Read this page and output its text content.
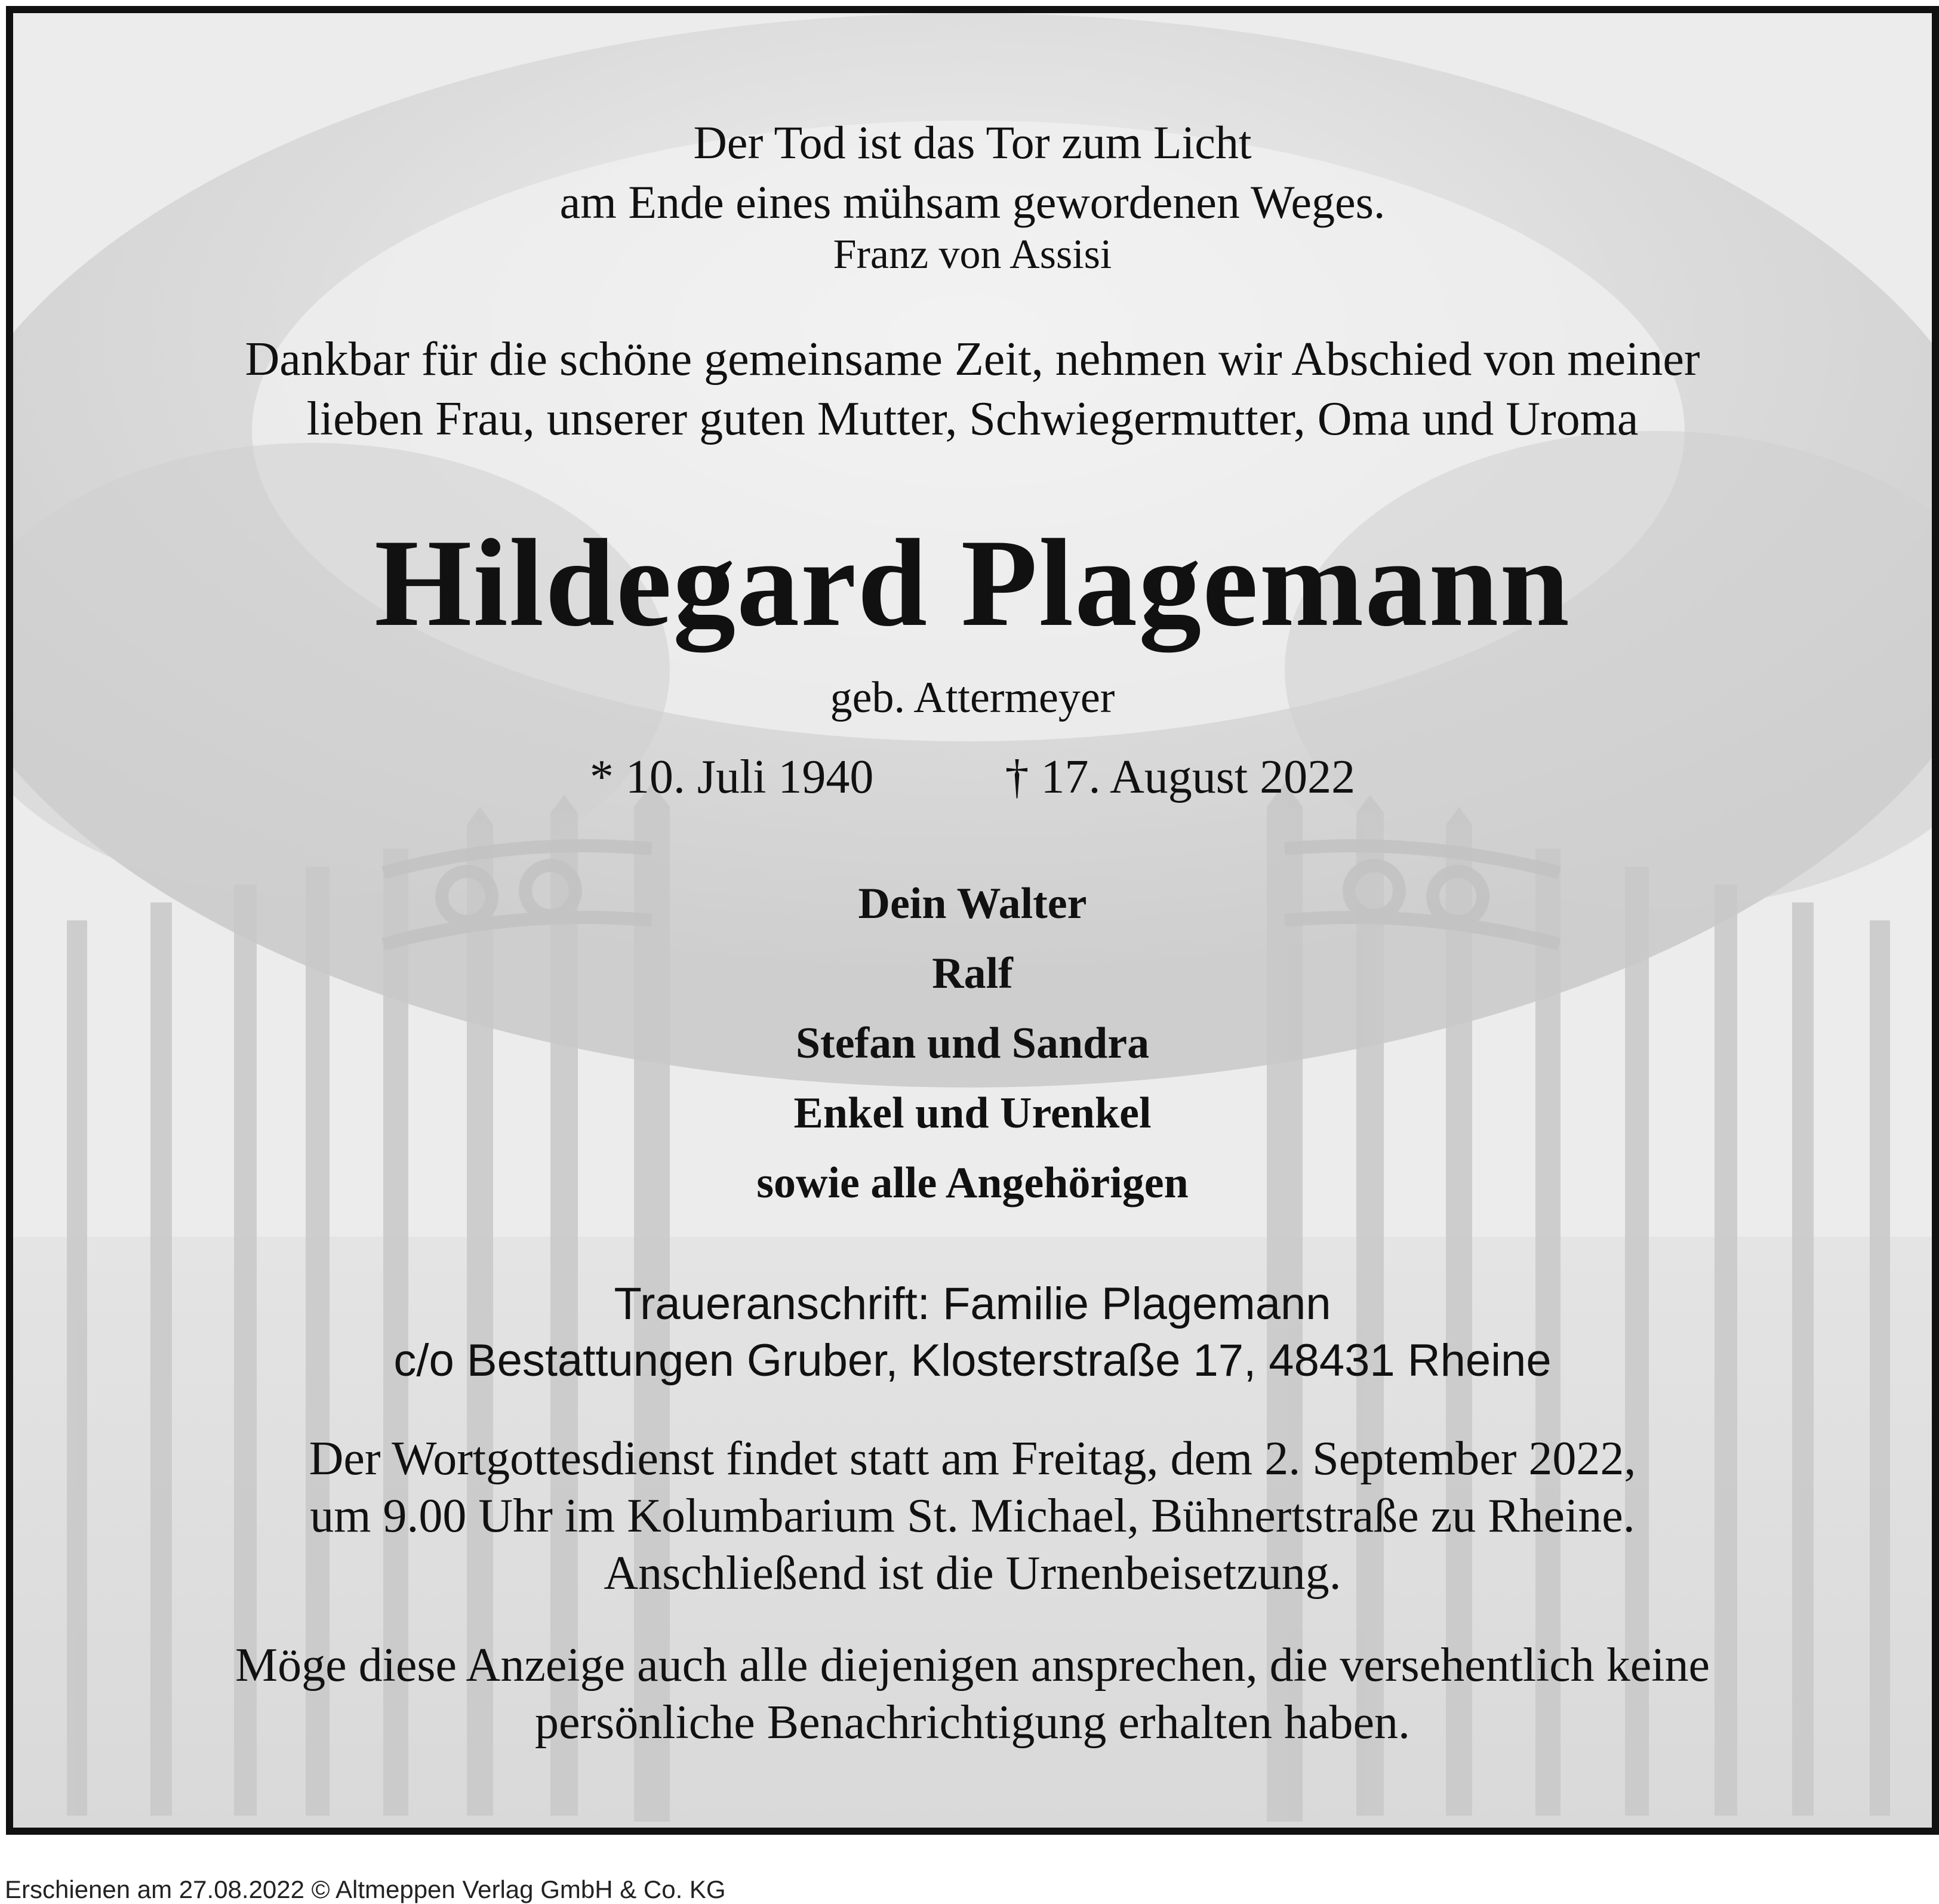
Der Tod ist das Tor zum Licht
am Ende eines mühsam gewordenen Weges.
Franz von Assisi
Dankbar für die schöne gemeinsame Zeit, nehmen wir Abschied von meiner
lieben Frau, unserer guten Mutter, Schwiegermutter, Oma und Uroma
Hildegard Plagemann
geb. Attermeyer
* 10. Juli 1940	† 17. August 2022
Dein Walter
Ralf
Stefan und Sandra
Enkel und Urenkel
sowie alle Angehörigen
Traueranschrift: Familie Plagemann
c/o Bestattungen Gruber, Klosterstraße 17, 48431 Rheine
Der Wortgottesdienst findet statt am Freitag, dem 2. September 2022,
um 9.00 Uhr im Kolumbarium St. Michael, Bühnertstraße zu Rheine.
Anschließend ist die Urnenbeisetzung.
Möge diese Anzeige auch alle diejenigen ansprechen, die versehentlich keine
persönliche Benachrichtigung erhalten haben.
Erschienen am 27.08.2022 © Altmeppen Verlag GmbH & Co. KG
